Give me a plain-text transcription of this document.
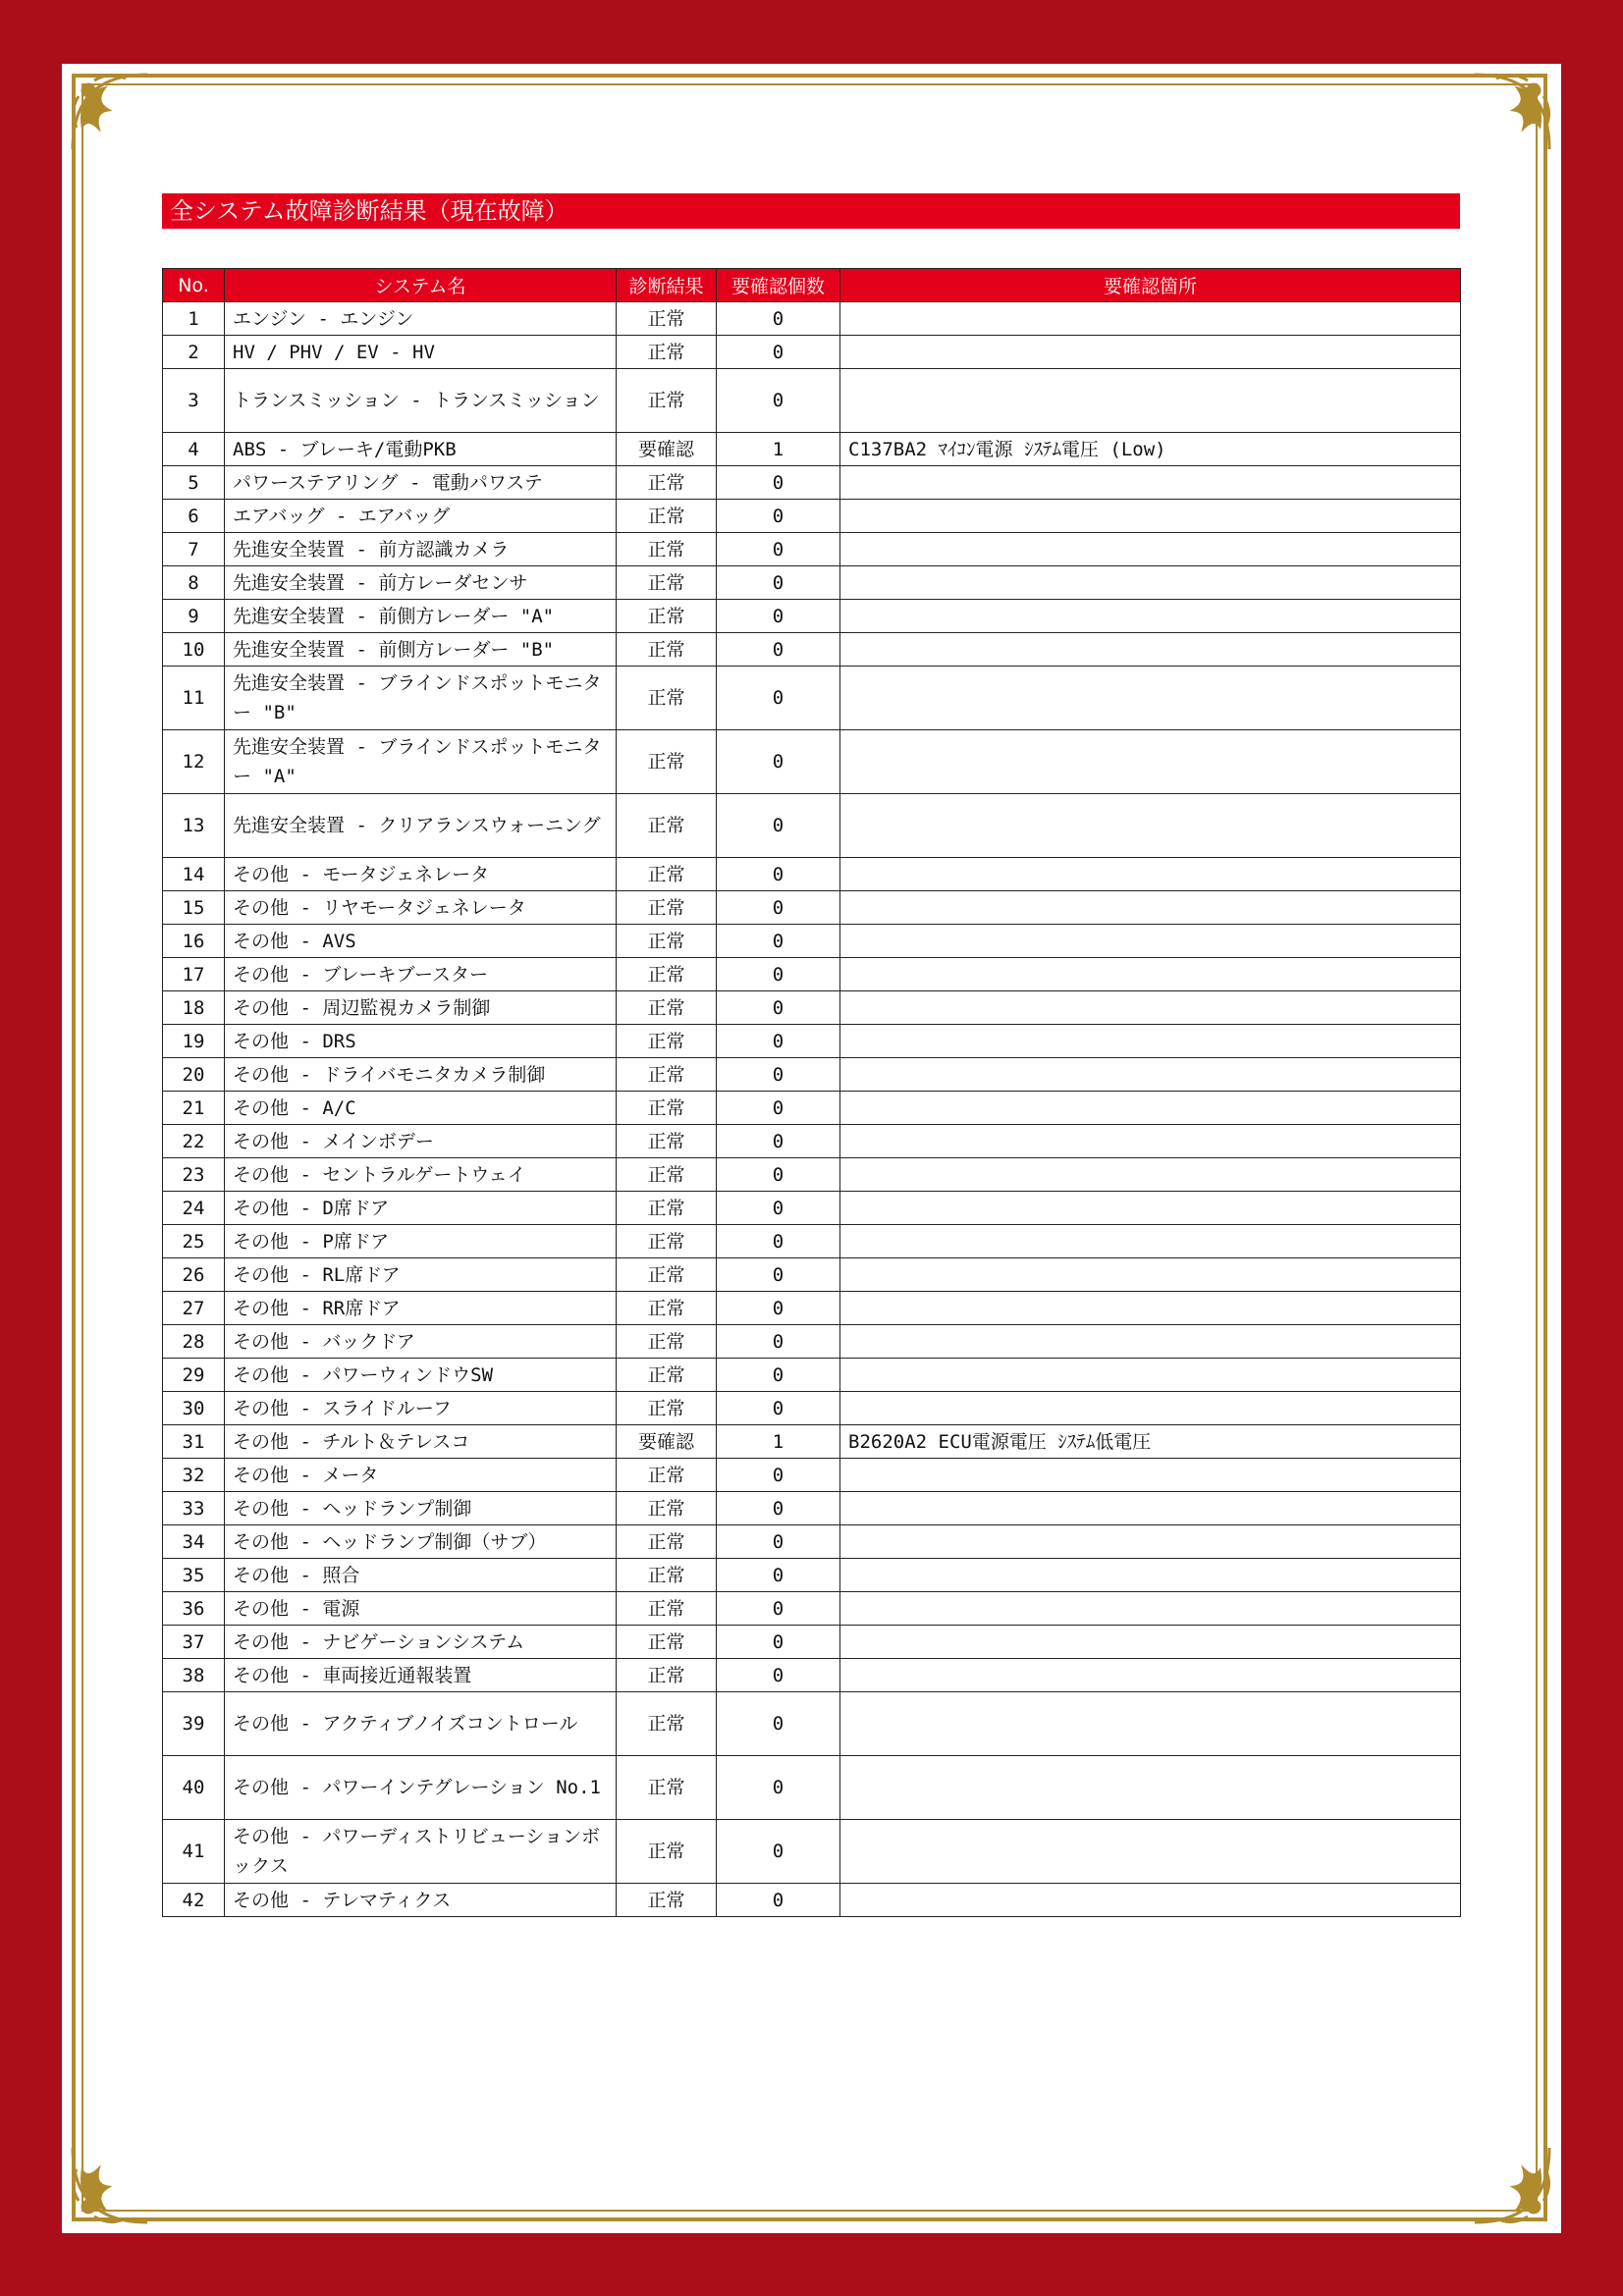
全システム故障診断結果（現在故障）
No.	システム名	診断結果	要確認個数	要確認箇所
1	エンジン - エンジン	正常	0	
2	HV / PHV / EV - HV	正常	0	
3	トランスミッション - トランスミッション	正常	0	
4	ABS - ブレーキ/電動PKB	要確認	1	C137BA2 ﾏｲｺﾝ電源 ｼｽﾃﾑ電圧 (Low)
5	パワーステアリング - 電動パワステ	正常	0	
6	エアバッグ - エアバッグ	正常	0	
7	先進安全装置 - 前方認識カメラ	正常	0	
8	先進安全装置 - 前方レーダセンサ	正常	0	
9	先進安全装置 - 前側方レーダー "A"	正常	0	
10	先進安全装置 - 前側方レーダー "B"	正常	0	
11	先進安全装置 - ブラインドスポットモニター "B"	正常	0	
12	先進安全装置 - ブラインドスポットモニター "A"	正常	0	
13	先進安全装置 - クリアランスウォーニング	正常	0	
14	その他 - モータジェネレータ	正常	0	
15	その他 - リヤモータジェネレータ	正常	0	
16	その他 - AVS	正常	0	
17	その他 - ブレーキブースター	正常	0	
18	その他 - 周辺監視カメラ制御	正常	0	
19	その他 - DRS	正常	0	
20	その他 - ドライバモニタカメラ制御	正常	0	
21	その他 - A/C	正常	0	
22	その他 - メインボデー	正常	0	
23	その他 - セントラルゲートウェイ	正常	0	
24	その他 - D席ドア	正常	0	
25	その他 - P席ドア	正常	0	
26	その他 - RL席ドア	正常	0	
27	その他 - RR席ドア	正常	0	
28	その他 - バックドア	正常	0	
29	その他 - パワーウィンドウSW	正常	0	
30	その他 - スライドルーフ	正常	0	
31	その他 - チルト＆テレスコ	要確認	1	B2620A2 ECU電源電圧 ｼｽﾃﾑ低電圧
32	その他 - メータ	正常	0	
33	その他 - ヘッドランプ制御	正常	0	
34	その他 - ヘッドランプ制御（サブ）	正常	0	
35	その他 - 照合	正常	0	
36	その他 - 電源	正常	0	
37	その他 - ナビゲーションシステム	正常	0	
38	その他 - 車両接近通報装置	正常	0	
39	その他 - アクティブノイズコントロール	正常	0	
40	その他 - パワーインテグレーション No.1	正常	0	
41	その他 - パワーディストリビューションボックス	正常	0	
42	その他 - テレマティクス	正常	0	
